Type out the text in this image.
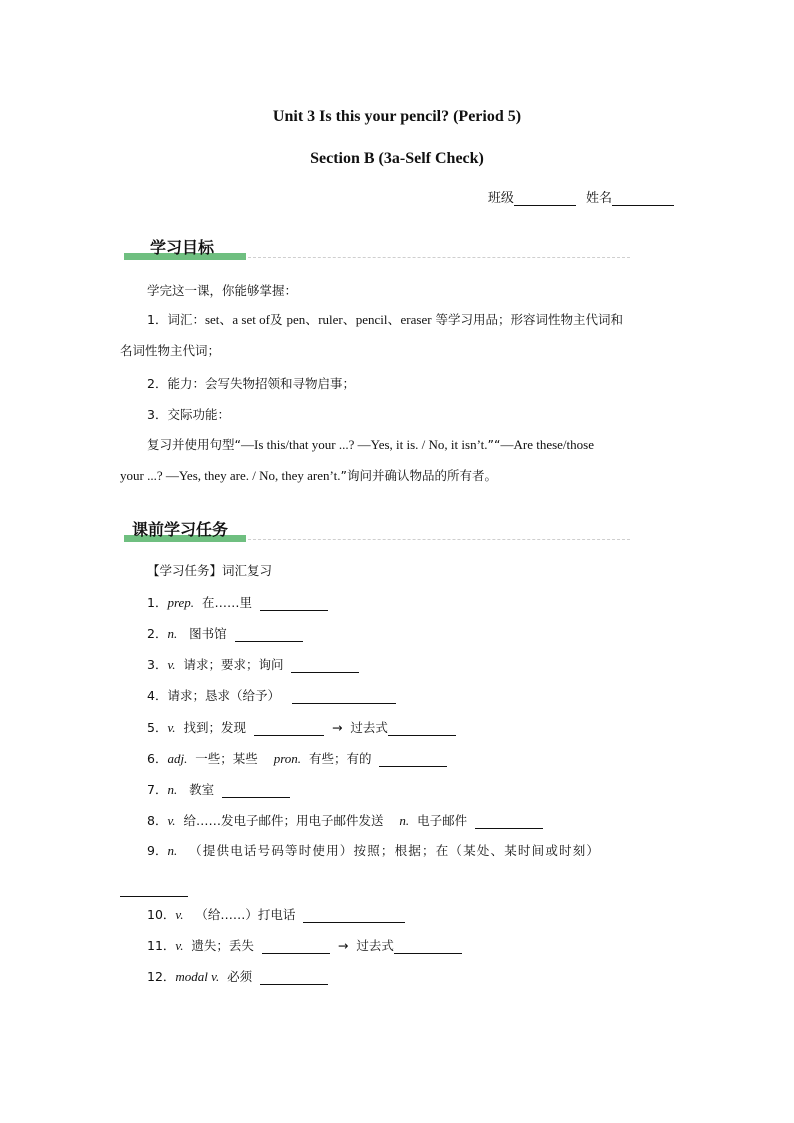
Unit 3 Is this your pencil? (Period 5)
Section B (3a-Self Check)
班级	姓名
学习目标
学完这一课，你能够掌握：
1．词汇：set、a set of及 pen、ruler、pencil、eraser 等学习用品；形容词性物主代词和
名词性物主代词；
2．能力：会写失物招领和寻物启事；
3．交际功能：
复习并使用句型“—Is this/that your ...? —Yes, it is. / No, it isn’t.”“—Are these/those
your ...? —Yes, they are. / No, they aren’t.”询问并确认物品的所有者。
课前学习任务
【学习任务】词汇复习
1．prep. 在……里
2．n. 图书馆
3．v. 请求；要求；询问
4．请求；恳求（给予）
5．v. 找到；发现	→ 过去式
6．adj. 一些；某些 pron. 有些；有的
7．n. 教室
8．v. 给……发电子邮件；用电子邮件发送 n. 电子邮件
9．n. （提供电话号码等时使用）按照；根据；在（某处、某时间或时刻）

10．v. （给……）打电话
11．v. 遗失；丢失	→ 过去式
12．modal v. 必须
